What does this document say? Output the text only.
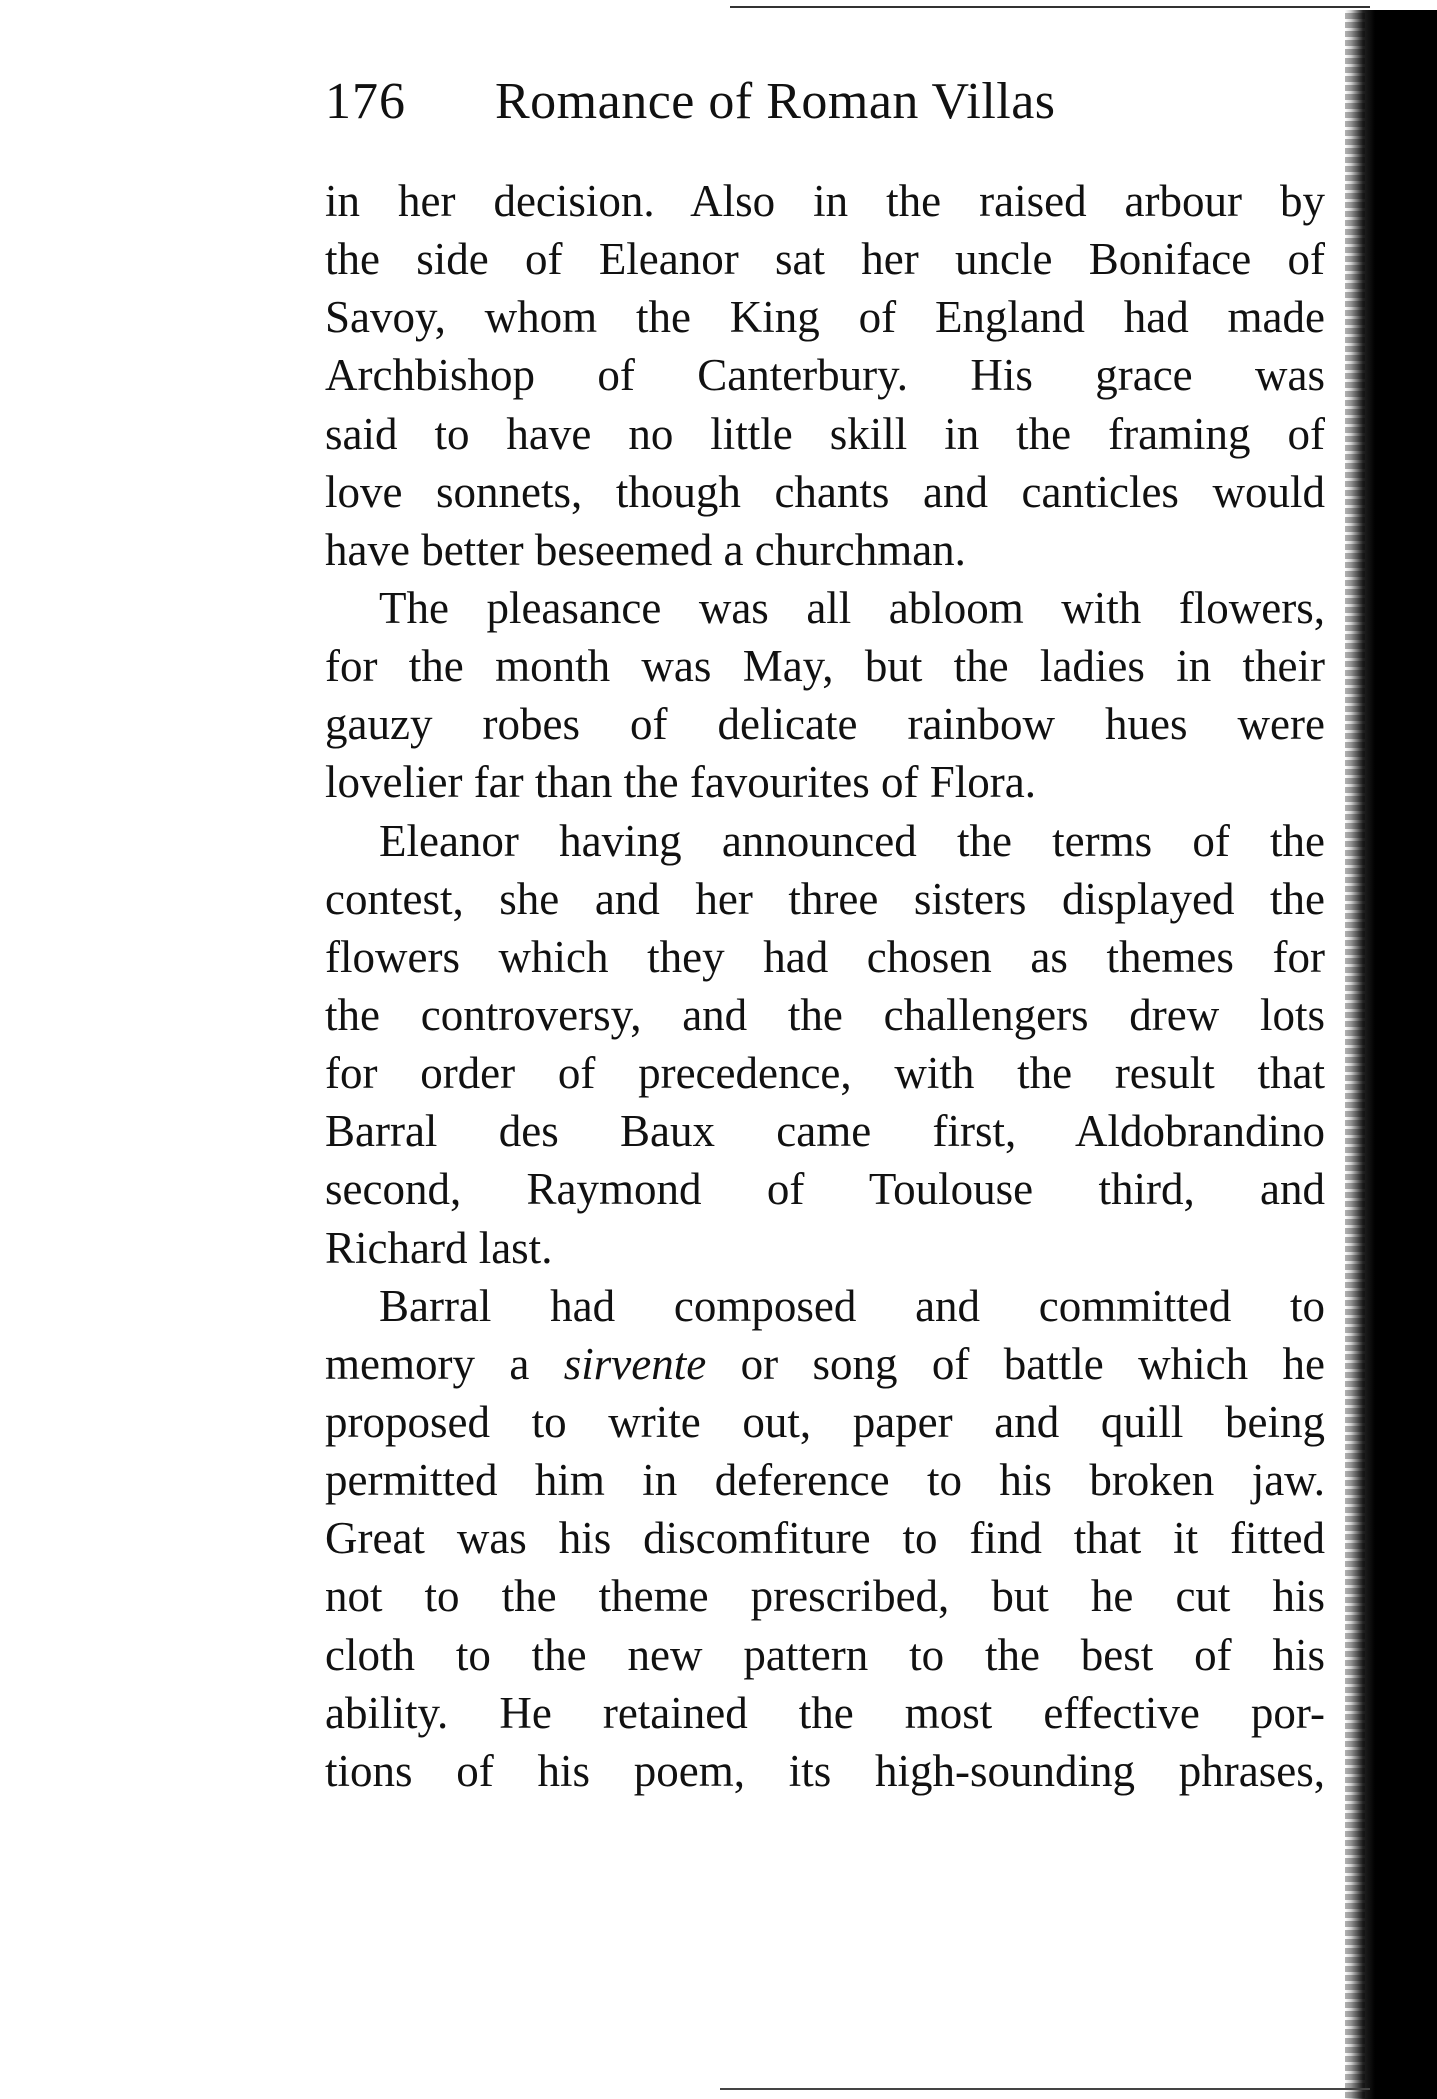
176 Romance of Roman Villas
in her decision. Also in the raised arbour by
the side of Eleanor sat her uncle Boniface of
Savoy, whom the King of England had made
Archbishop of Canterbury. His grace was
said to have no little skill in the framing of
love sonnets, though chants and canticles would
have better beseemed a churchman.
The pleasance was all abloom with flowers,
for the month was May, but the ladies in their
gauzy robes of delicate rainbow hues were
lovelier far than the favourites of Flora.
Eleanor having announced the terms of the
contest, she and her three sisters displayed the
flowers which they had chosen as themes for
the controversy, and the challengers drew lots
for order of precedence, with the result that
Barral des Baux came first, Aldobrandino
second, Raymond of Toulouse third, and
Richard last.
Barral had composed and committed to
memory a sirvente or song of battle which he
proposed to write out, paper and quill being
permitted him in deference to his broken jaw.
Great was his discomfiture to find that it fitted
not to the theme prescribed, but he cut his
cloth to the new pattern to the best of his
ability. He retained the most effective por-
tions of his poem, its high-sounding phrases,
